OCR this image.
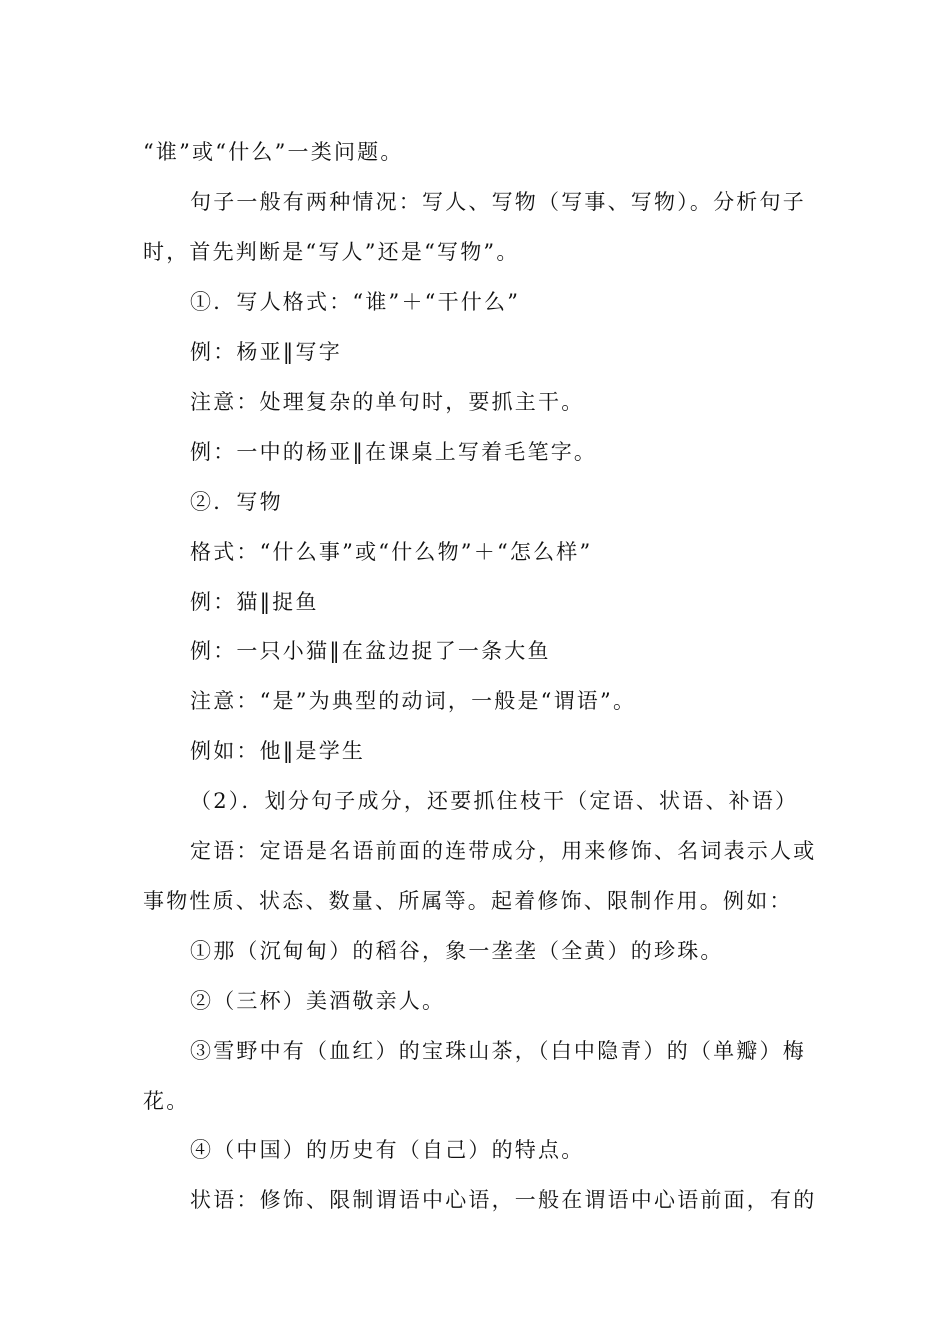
“谁”或“什么”一类问题。
句子一般有两种情况：写人、写物（写事、写物）。分析句子
时，首先判断是“写人”还是“写物”。
①．写人格式：“谁”＋“干什么”
例：杨亚‖写字
注意：处理复杂的单句时，要抓主干。
例：一中的杨亚‖在课桌上写着毛笔字。
②．写物
格式：“什么事”或“什么物”＋“怎么样”
例：猫‖捉鱼
例：一只小猫‖在盆边捉了一条大鱼
注意：“是”为典型的动词，一般是“谓语”。
例如：他‖是学生
（2）．划分句子成分，还要抓住枝干（定语、状语、补语）
定语：定语是名语前面的连带成分，用来修饰、名词表示人或
事物性质、状态、数量、所属等。起着修饰、限制作用。例如：
①那（沉甸甸）的稻谷，象一垄垄（全黄）的珍珠。
②（三杯）美酒敬亲人。
③雪野中有（血红）的宝珠山茶，（白中隐青）的（单瓣）梅
花。
④（中国）的历史有（自己）的特点。
状语：修饰、限制谓语中心语，一般在谓语中心语前面，有的
